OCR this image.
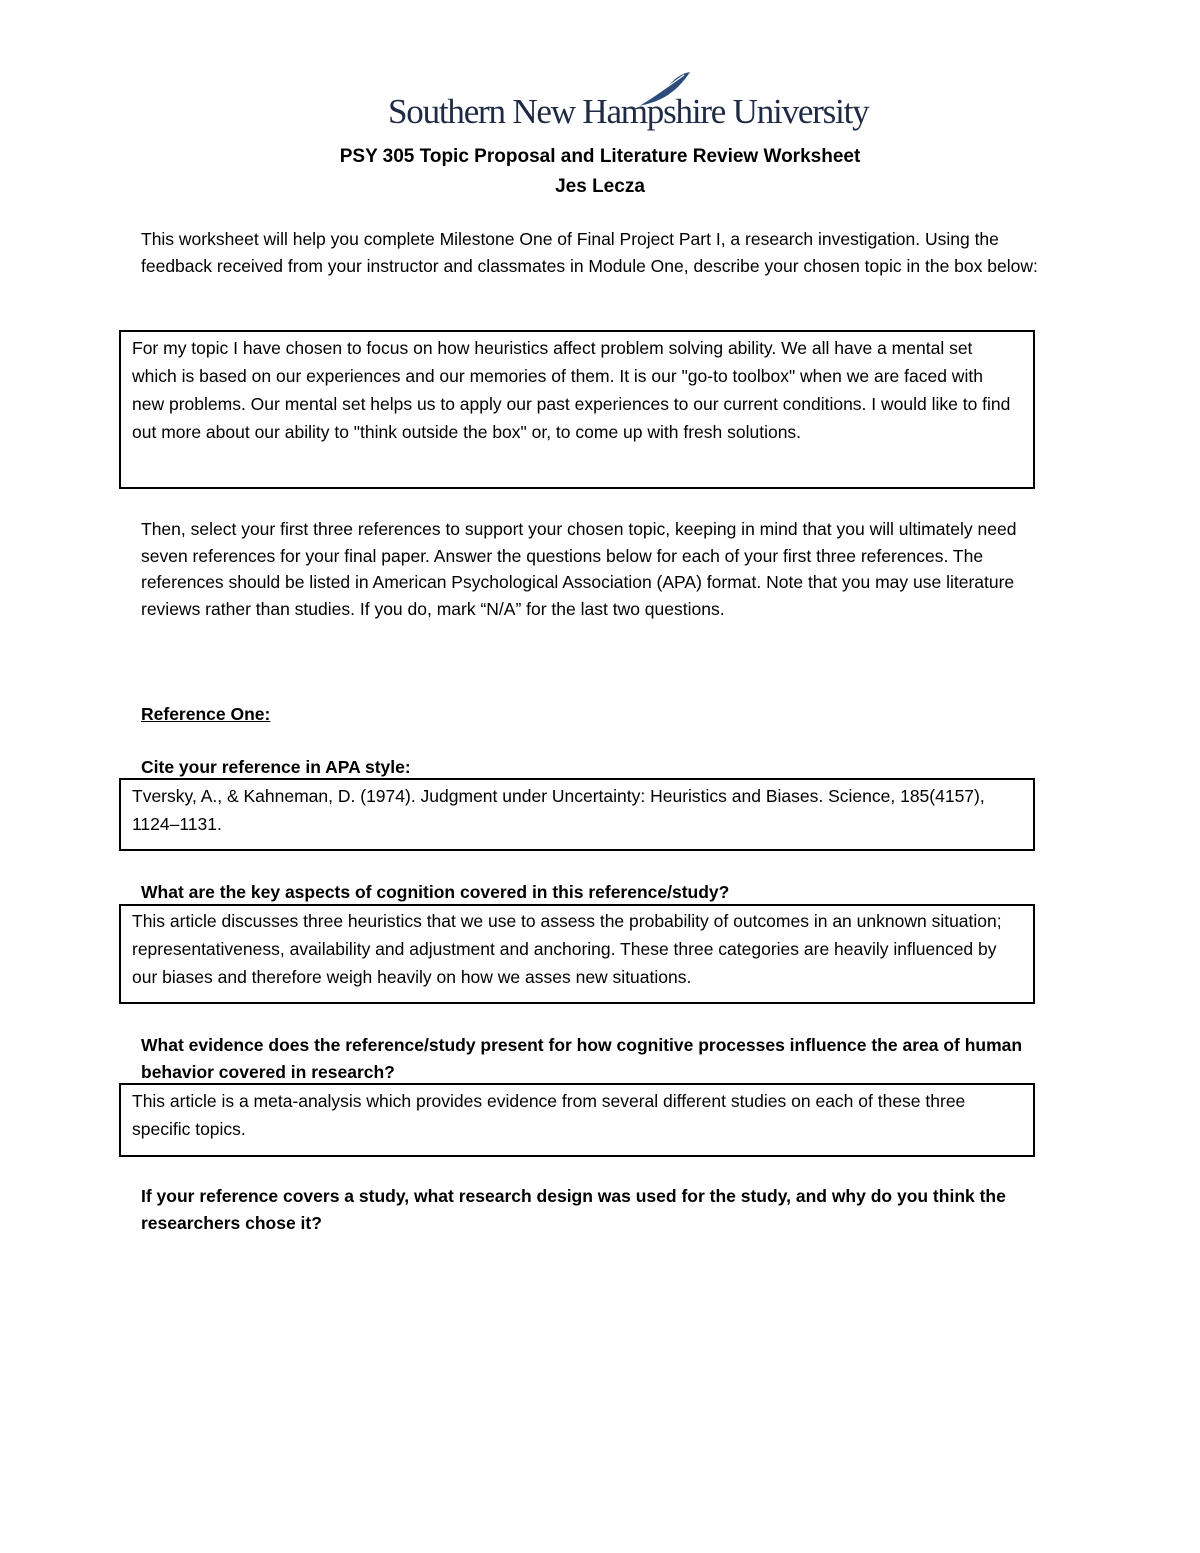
Southern New Hampshire University
PSY 305 Topic Proposal and Literature Review Worksheet
Jes Lecza
This worksheet will help you complete Milestone One of Final Project Part I, a research investigation. Using the feedback received from your instructor and classmates in Module One, describe your chosen topic in the box below:
For my topic I have chosen to focus on how heuristics affect problem solving ability. We all have a mental set which is based on our experiences and our memories of them. It is our "go-to toolbox" when we are faced with new problems. Our mental set helps us to apply our past experiences to our current conditions. I would like to find out more about our ability to "think outside the box" or, to come up with fresh solutions.
Then, select your first three references to support your chosen topic, keeping in mind that you will ultimately need seven references for your final paper. Answer the questions below for each of your first three references. The references should be listed in American Psychological Association (APA) format. Note that you may use literature reviews rather than studies. If you do, mark “N/A” for the last two questions.
Reference One:
Cite your reference in APA style:
Tversky, A., & Kahneman, D. (1974). Judgment under Uncertainty: Heuristics and Biases. Science, 185(4157), 1124–1131.
What are the key aspects of cognition covered in this reference/study?
This article discusses three heuristics that we use to assess the probability of outcomes in an unknown situation; representativeness, availability and adjustment and anchoring. These three categories are heavily influenced by our biases and therefore weigh heavily on how we asses new situations.
What evidence does the reference/study present for how cognitive processes influence the area of human behavior covered in research?
This article is a meta-analysis which provides evidence from several different studies on each of these three specific topics.
If your reference covers a study, what research design was used for the study, and why do you think the researchers chose it?
